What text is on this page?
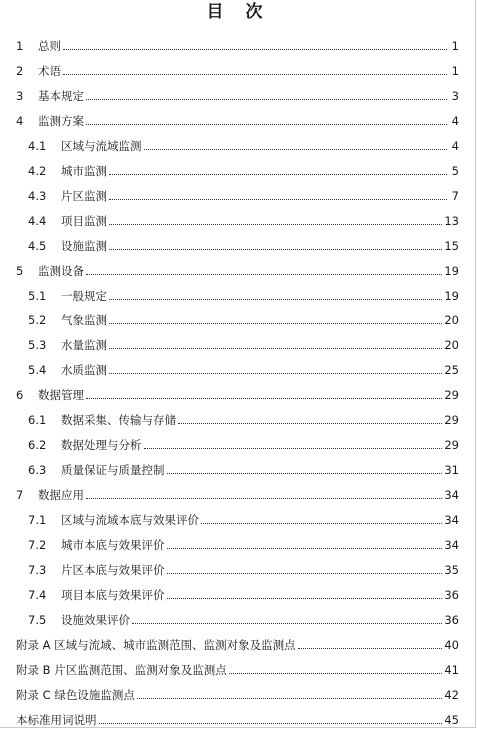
目 次
1	总则	1
2	术语	1
3	基本规定	3
4	监测方案	4
4.1	区域与流域监测	4
4.2	城市监测	5
4.3	片区监测	7
4.4	项目监测	13
4.5	设施监测	15
5	监测设备	19
5.1	一般规定	19
5.2	气象监测	20
5.3	水量监测	20
5.4	水质监测	25
6	数据管理	29
6.1	数据采集、传输与存储	29
6.2	数据处理与分析	29
6.3	质量保证与质量控制	31
7	数据应用	34
7.1	区域与流域本底与效果评价	34
7.2	城市本底与效果评价	34
7.3	片区本底与效果评价	35
7.4	项目本底与效果评价	36
7.5	设施效果评价	36
附录 A 区域与流域、城市监测范围、监测对象及监测点	40
附录 B 片区监测范围、监测对象及监测点	41
附录 C 绿色设施监测点	42
本标准用词说明	45
